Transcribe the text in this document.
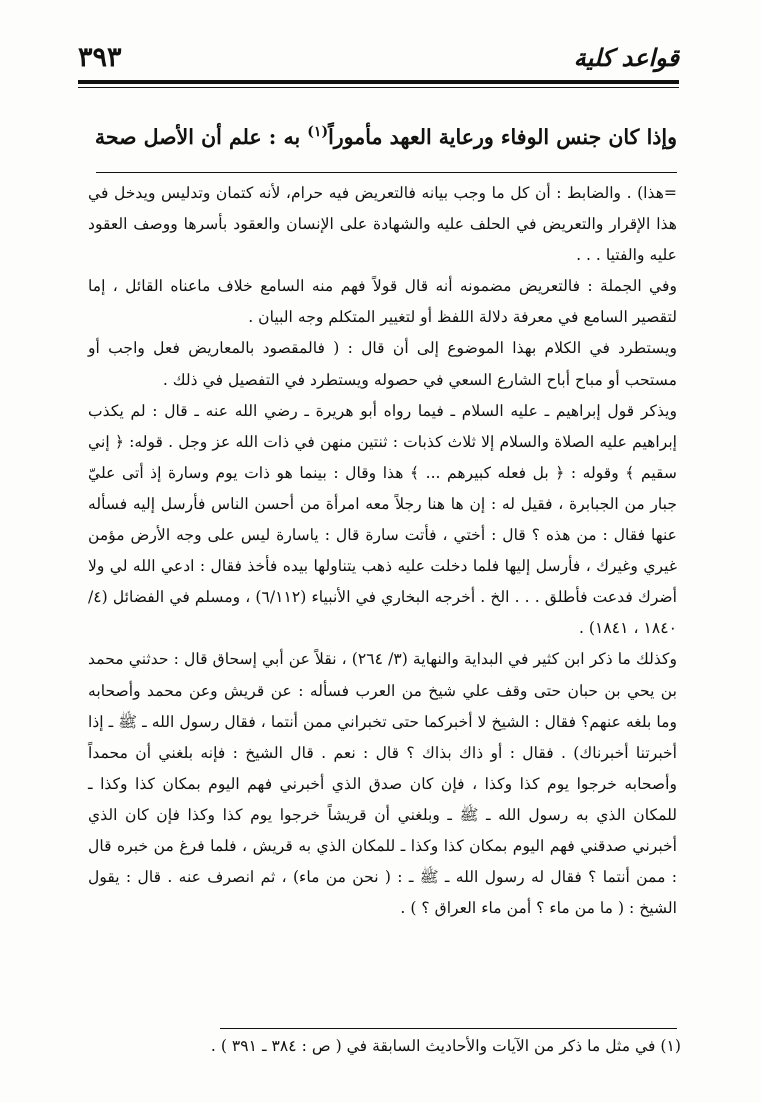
قواعد كلية
٣٩٣
وإذا كان جنس الوفاء ورعاية العهد مأموراً$^{(١)}$ به : علم أن الأصل صحة

=هذا) . والضابط : أن كل ما وجب بيانه فالتعريض فيه حرام، لأنه كتمان وتدليس ويدخل في هذا الإقرار والتعريض في الحلف عليه والشهادة على الإنسان والعقود بأسرها ووصف العقود عليه والفتيا . . .

وفي الجملة : فالتعريض مضمونه أنه قال قولاً فهم منه السامع خلاف ماعناه القائل ، إما لتقصير السامع في معرفة دلالة اللفظ أو لتغيير المتكلم وجه البيان .

ويستطرد في الكلام بهذا الموضوع إلى أن قال : ( فالمقصود بالمعاريض فعل واجب أو مستحب أو مباح أباح الشارع السعي في حصوله ويستطرد في التفصيل في ذلك .

ويذكر قول إبراهيم ـ عليه السلام ـ فيما رواه أبو هريرة ـ رضي الله عنه ـ قال : لم يكذب إبراهيم عليه الصلاة والسلام إلا ثلاث كذبات : ثنتين منهن في ذات الله عز وجل . قوله: ﴿ إني سقيم ﴾ وقوله : ﴿ بل فعله كبيرهم ... ﴾ هذا وقال : بينما هو ذات يوم وسارة إذ أتى عليّ جبار من الجبابرة ، فقيل له : إن ها هنا رجلاً معه امرأة من أحسن الناس فأرسل إليه فسأله عنها فقال : من هذه ؟ قال : أختي ، فأتت سارة قال : ياسارة ليس على وجه الأرض مؤمن غيري وغيرك ، فأرسل إليها فلما دخلت عليه ذهب يتناولها بيده فأخذ فقال : ادعي الله لي ولا أضرك فدعت فأطلق . . . الخ . أخرجه البخاري في الأنبياء (٦/١١٢) ، ومسلم في الفضائل (٤/ ١٨٤٠ ، ١٨٤١) .

وكذلك ما ذكر ابن كثير في البداية والنهاية (٣/ ٢٦٤) ، نقلاً عن أبي إسحاق قال : حدثني محمد بن يحي بن حبان حتى وقف علي شيخ من العرب فسأله : عن قريش وعن محمد وأصحابه وما بلغه عنهم؟ فقال : الشيخ لا أخبركما حتى تخبراني ممن أنتما ، فقال رسول الله ـ ﷺ ـ إذا أخبرتنا أخبرناك) . فقال : أو ذاك بذاك ؟ قال : نعم . قال الشيخ : فإنه بلغني أن محمداً وأصحابه خرجوا يوم كذا وكذا ، فإن كان صدق الذي أخبرني فهم اليوم بمكان كذا وكذا ـ للمكان الذي به رسول الله ـ ﷺ ـ وبلغني أن قريشاً خرجوا يوم كذا وكذا فإن كان الذي أخبرني صدقني فهم اليوم بمكان كذا وكذا ـ للمكان الذي به قريش ، فلما فرغ من خبره قال : ممن أنتما ؟ فقال له رسول الله ـ ﷺ ـ : ( نحن من ماء) ، ثم انصرف عنه . قال : يقول الشيخ : ( ما من ماء ؟ أمن ماء العراق ؟ ) .

(١) في مثل ما ذكر من الآيات والأحاديث السابقة في ( ص : ٣٨٤ ـ ٣٩١ ) .
